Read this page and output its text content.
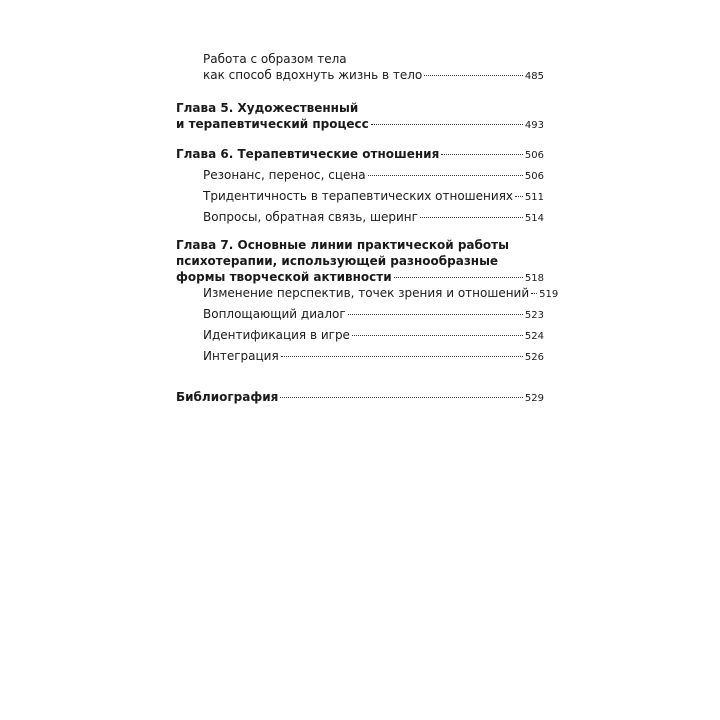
Работа с образом тела
как способ вдохнуть жизнь в тело	485
Глава 5. Художественный
и терапевтический процесс	493
Глава 6. Терапевтические отношения	506
Резонанс, перенос, сцена	506
Тридентичность в терапевтических отношениях 511
Вопросы, обратная связь, шеринг	514
Глава 7. Основные линии практической работы
психотерапии, использующей разнообразные
формы творческой активности	518
Изменение перспектив, точек зрения и отношений 519
Воплощающий диалог	523
Идентификация в игре	524
Интеграция	526
Библиография	529
